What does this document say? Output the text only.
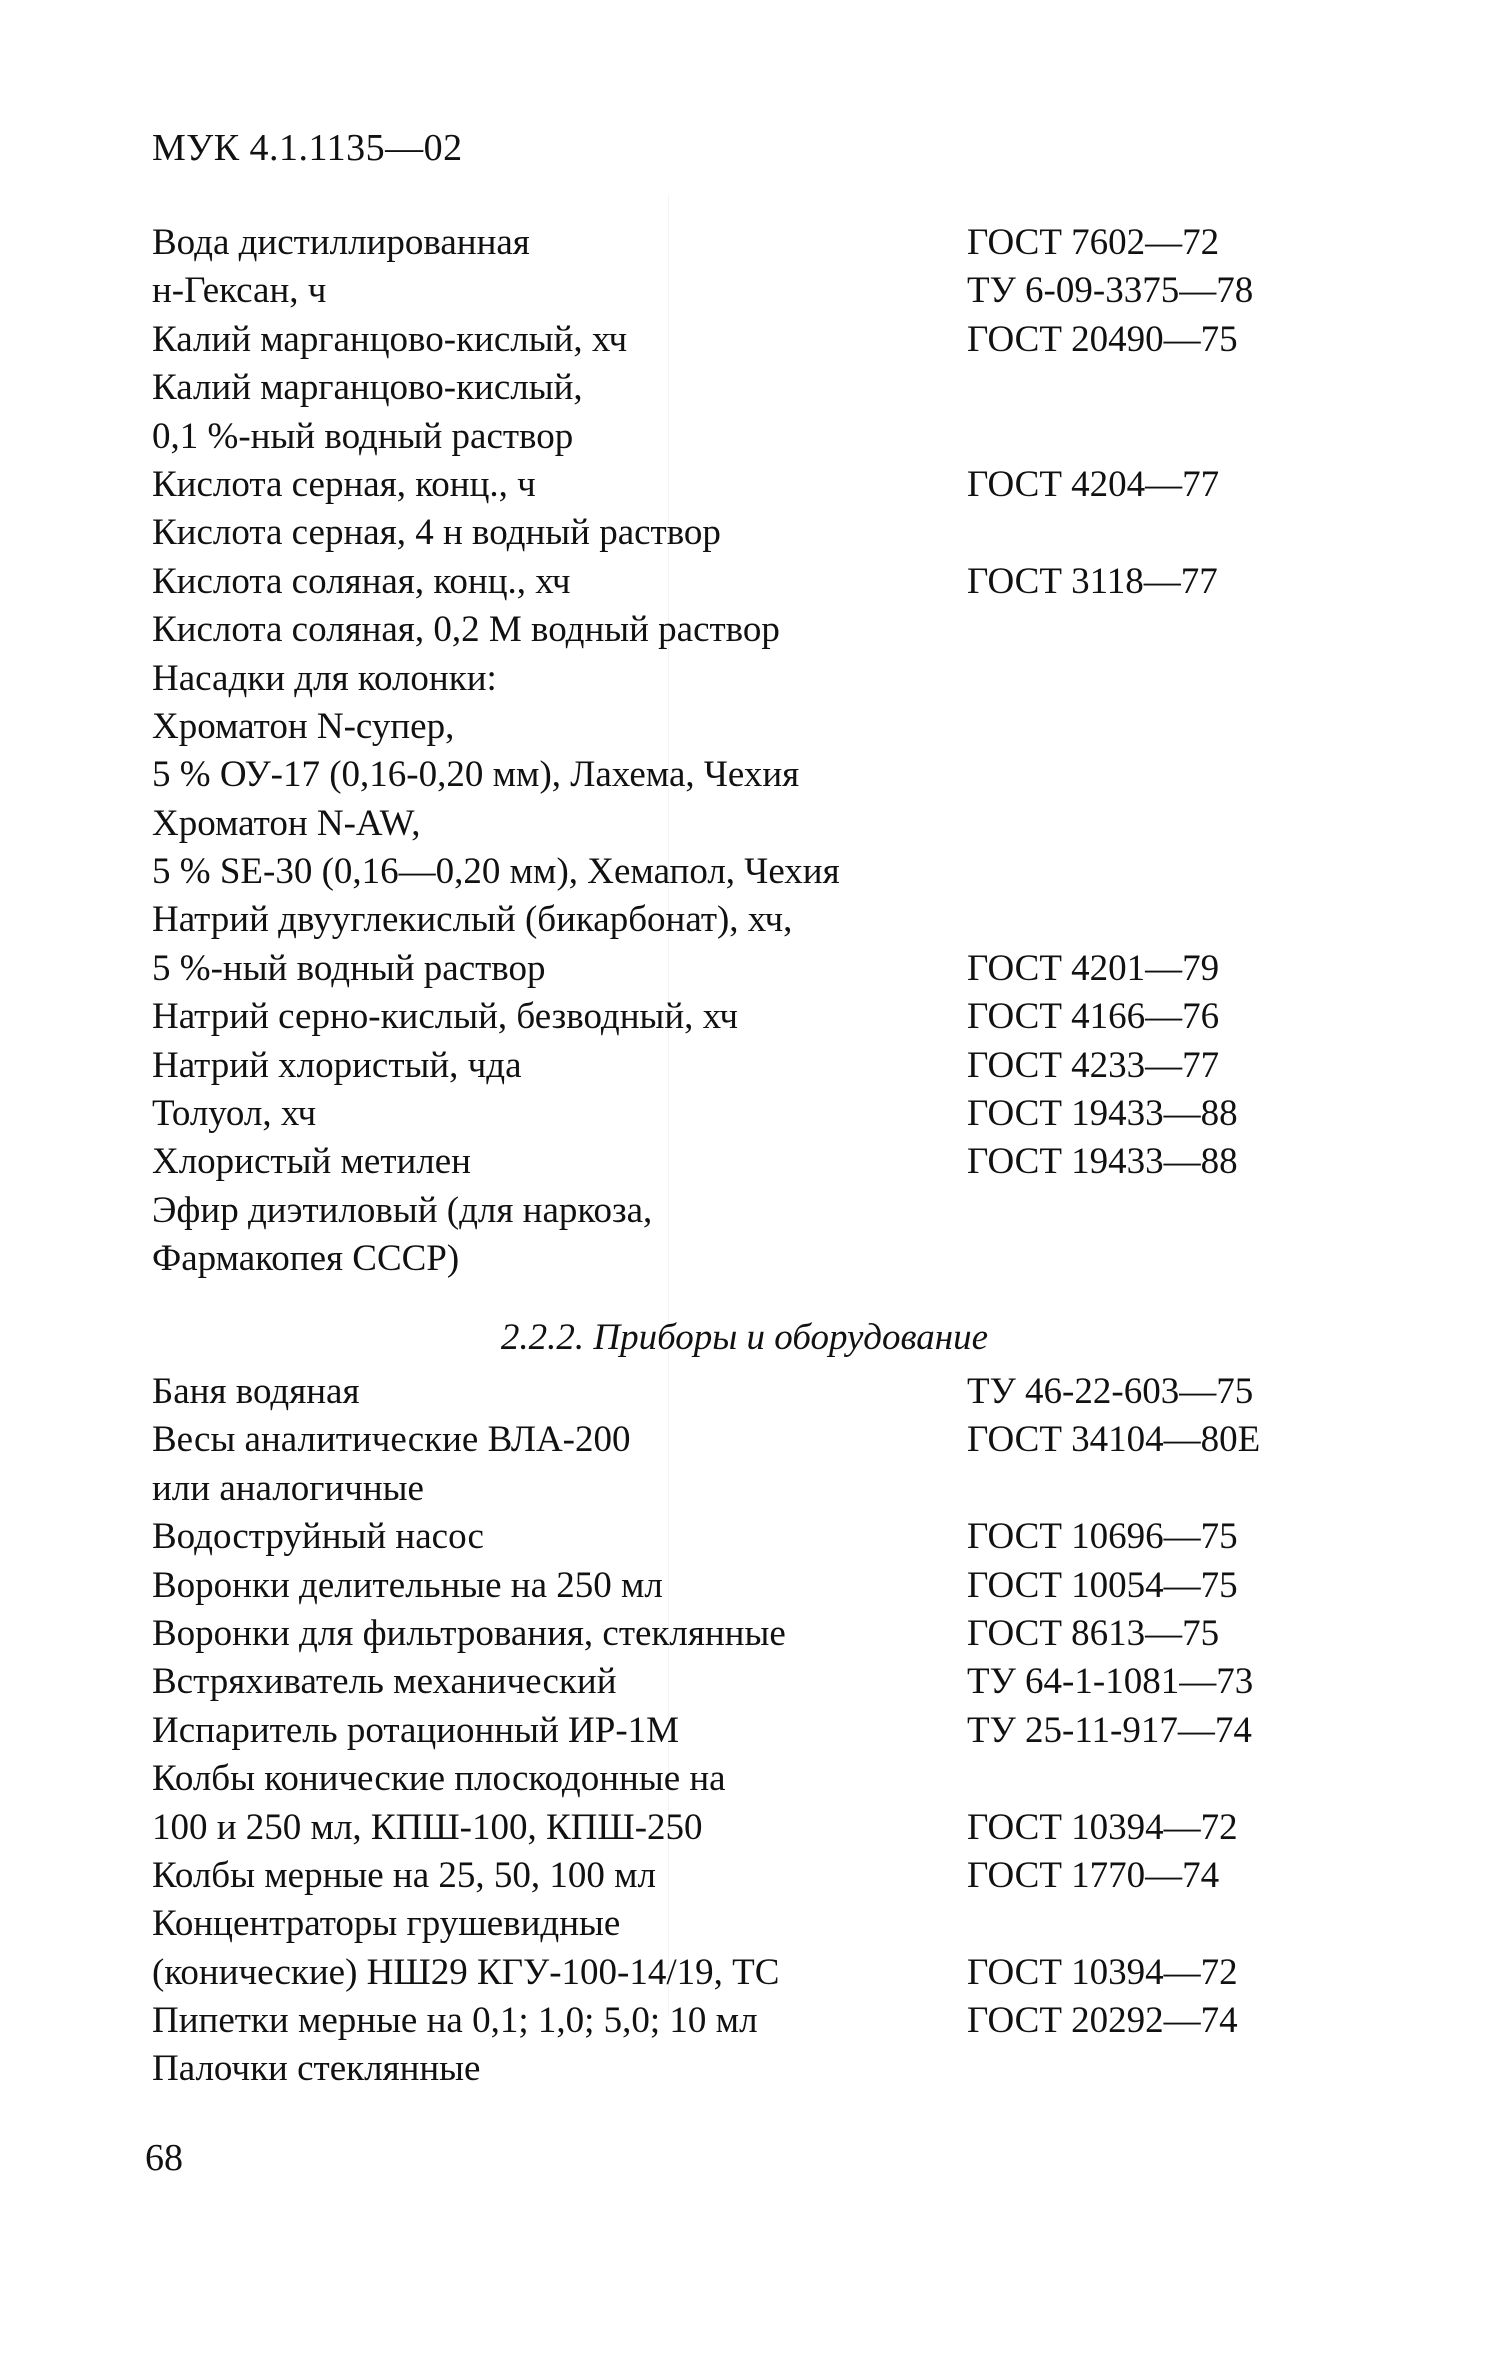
МУК 4.1.1135—02
Вода дистиллированная	ГОСТ 7602—72
н-Гексан, ч	ТУ 6-09-3375—78
Калий марганцово-кислый, хч	ГОСТ 20490—75
Калий марганцово-кислый,
0,1 %-ный водный раствор
Кислота серная, конц., ч	ГОСТ 4204—77
Кислота серная, 4 н водный раствор
Кислота соляная, конц., хч	ГОСТ 3118—77
Кислота соляная, 0,2 М водный раствор
Насадки для колонки:
Хроматон N-супер,
5 % ОУ-17 (0,16-0,20 мм), Лахема, Чехия
Хроматон N-AW,
5 % SE-30 (0,16—0,20 мм), Хемапол, Чехия
Натрий двууглекислый (бикарбонат), хч,
5 %-ный водный раствор	ГОСТ 4201—79
Натрий серно-кислый, безводный, хч	ГОСТ 4166—76
Натрий хлористый, чда	ГОСТ 4233—77
Толуол, хч	ГОСТ 19433—88
Хлористый метилен	ГОСТ 19433—88
Эфир диэтиловый (для наркоза,
Фармакопея СССР)
2.2.2. Приборы и оборудование
Баня водяная	ТУ 46-22-603—75
Весы аналитические ВЛА-200	ГОСТ 34104—80Е
или аналогичные
Водоструйный насос	ГОСТ 10696—75
Воронки делительные на 250 мл	ГОСТ 10054—75
Воронки для фильтрования, стеклянные	ГОСТ 8613—75
Встряхиватель механический	ТУ 64-1-1081—73
Испаритель ротационный ИР-1М	ТУ 25-11-917—74
Колбы конические плоскодонные на
100 и 250 мл, КПШ-100, КПШ-250	ГОСТ 10394—72
Колбы мерные на 25, 50, 100 мл	ГОСТ 1770—74
Концентраторы грушевидные
(конические) НШ29 КГУ-100-14/19, ТС	ГОСТ 10394—72
Пипетки мерные на 0,1; 1,0; 5,0; 10 мл	ГОСТ 20292—74
Палочки стеклянные
68
